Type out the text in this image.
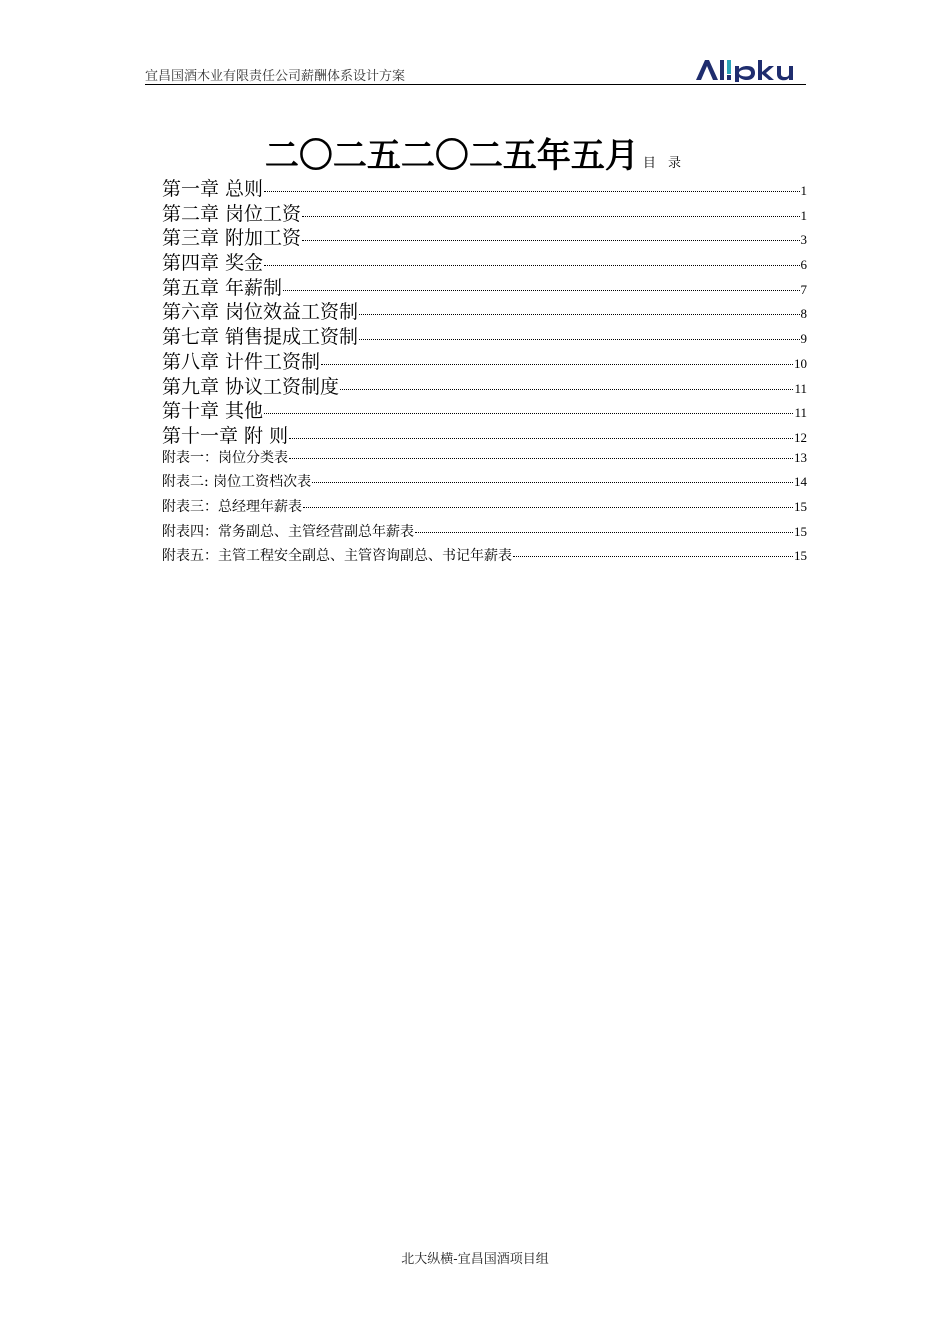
宜昌国酒木业有限责任公司薪酬体系设计方案
二〇二五二〇二五年五月 目 录
第一章 总则	1
第二章 岗位工资	1
第三章 附加工资	3
第四章 奖金	6
第五章 年薪制	7
第六章 岗位效益工资制	8
第七章 销售提成工资制	9
第八章 计件工资制	10
第九章 协议工资制度	11
第十章 其他	11
第十一章 附 则	12
附表一：岗位分类表	13
附表二: 岗位工资档次表	14
附表三：总经理年薪表	15
附表四：常务副总、主管经营副总年薪表	15
附表五：主管工程安全副总、主管咨询副总、书记年薪表	15
北大纵横-宜昌国酒项目组
